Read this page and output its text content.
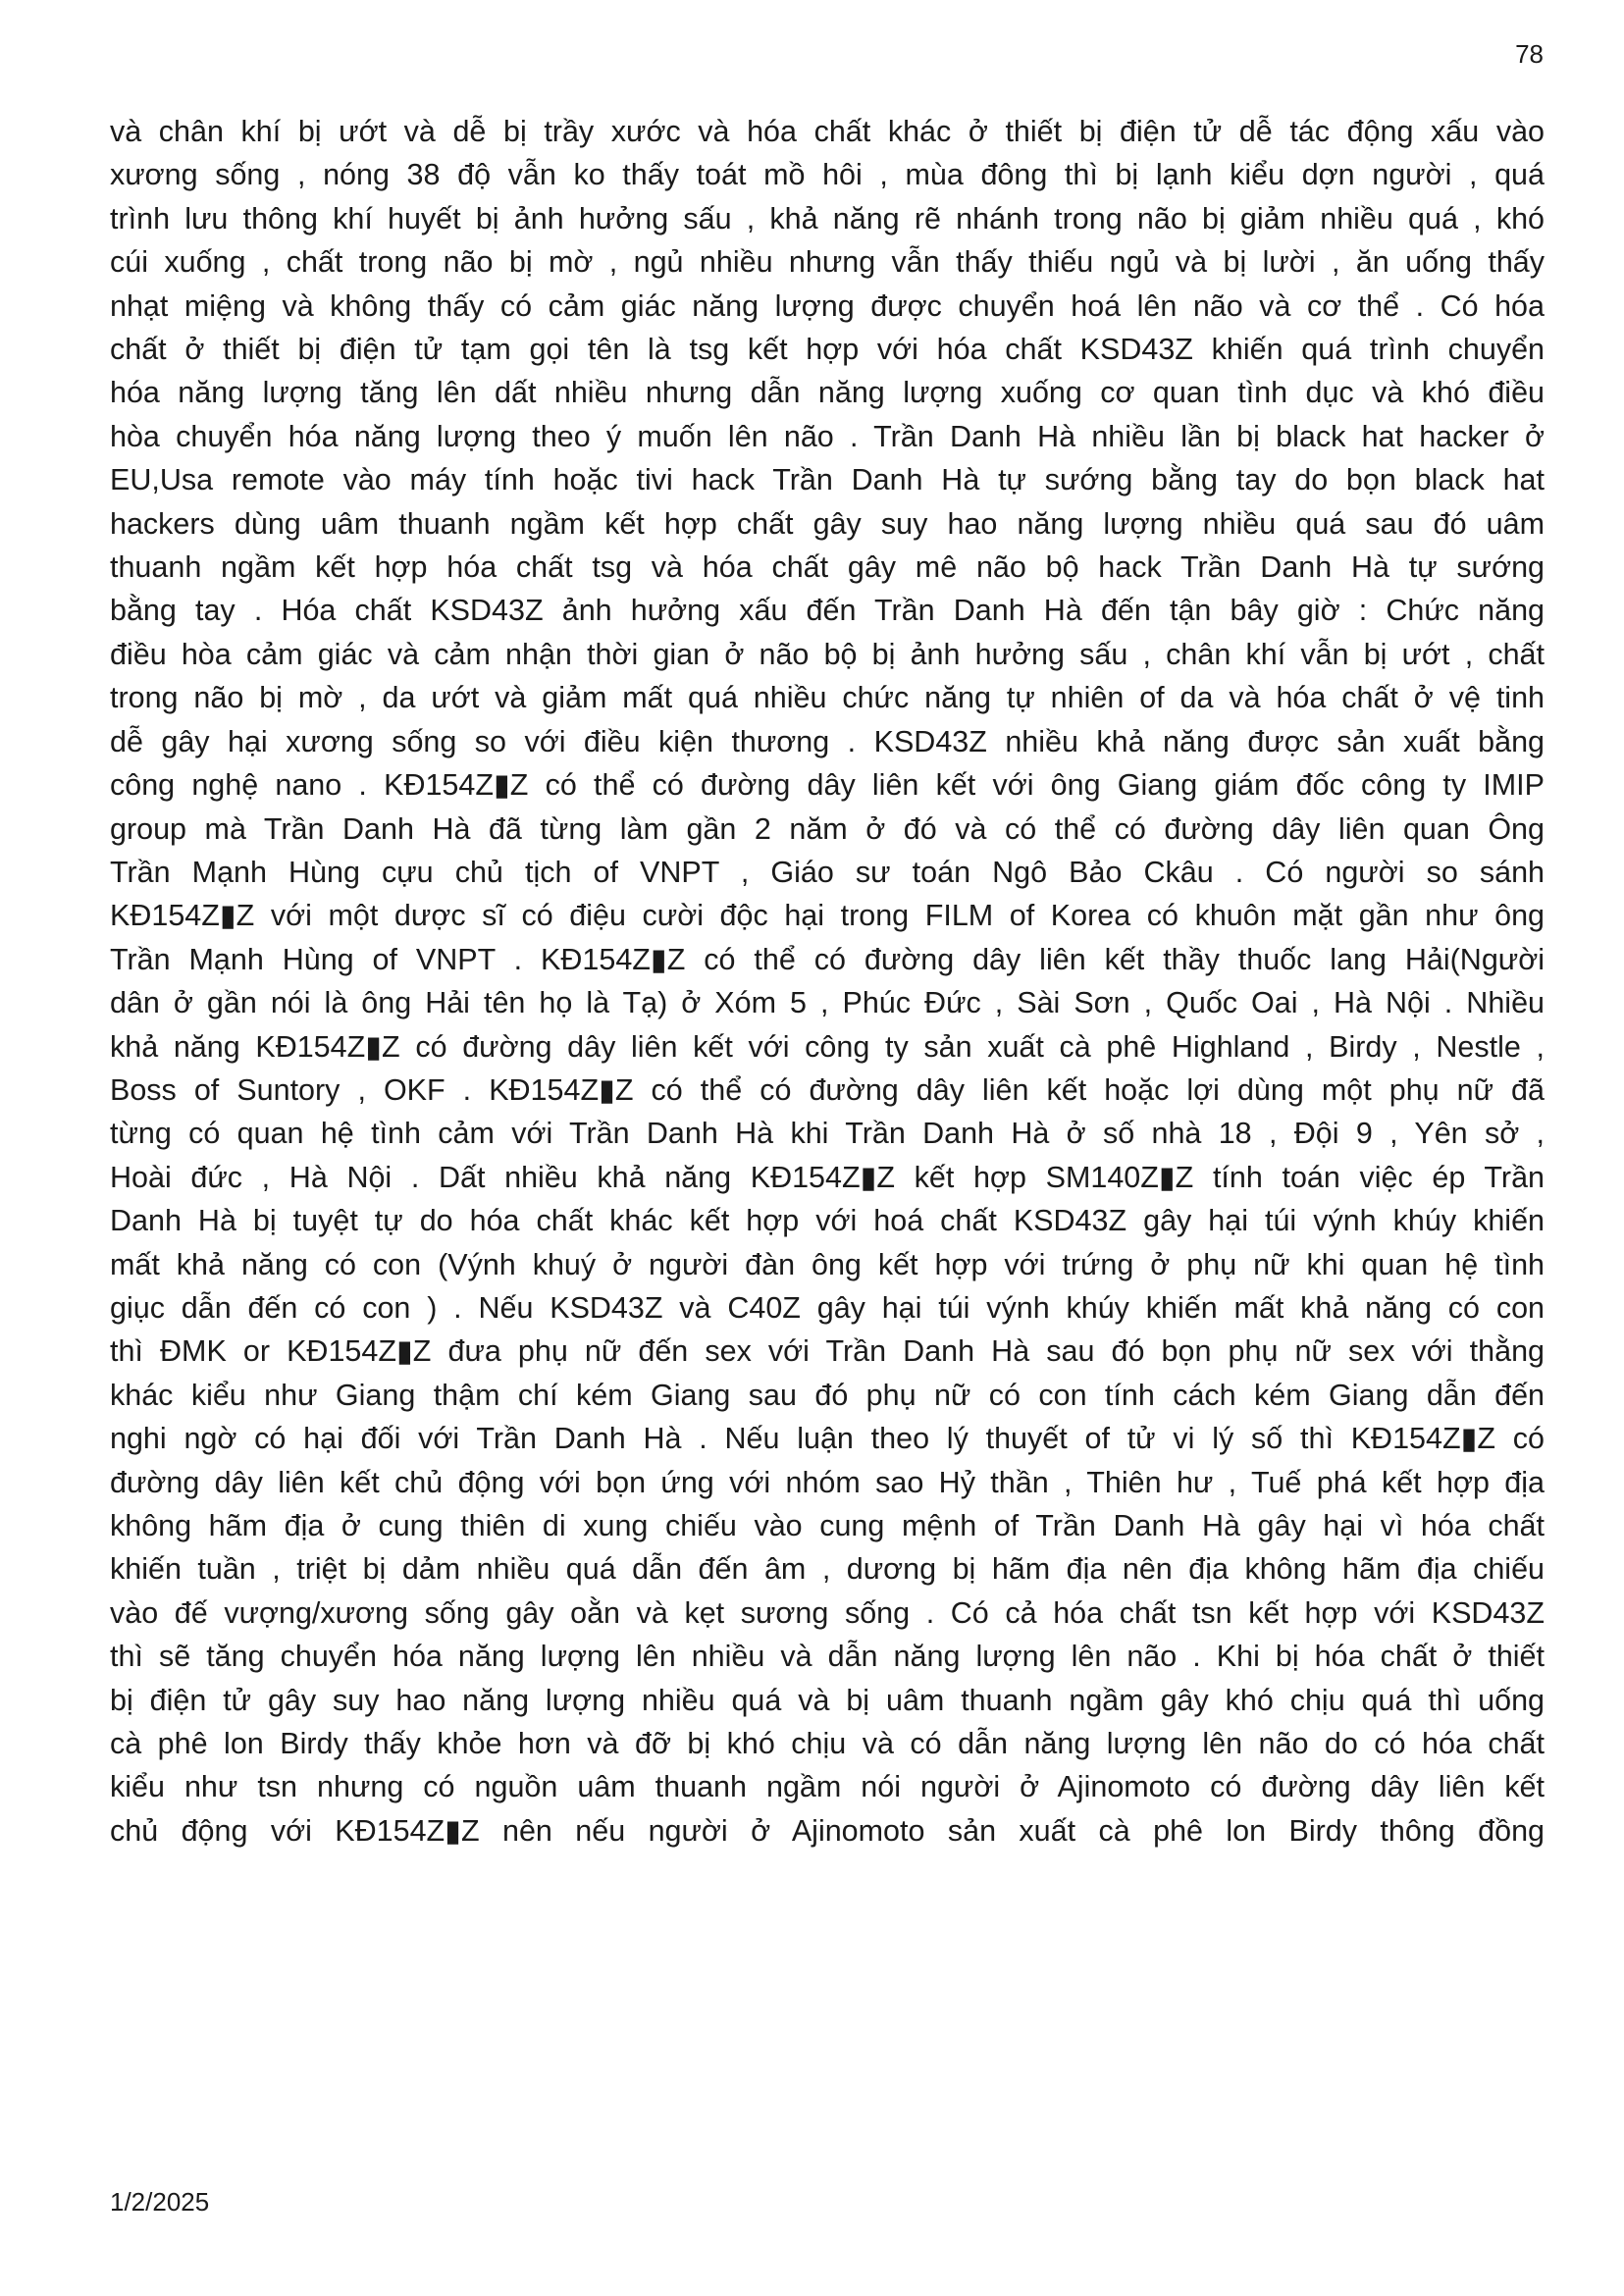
78
và chân khí bị ướt và dễ bị trầy xước và hóa chất khác ở thiết bị điện tử dễ tác động xấu vào
xương sống , nóng 38 độ vẫn ko thấy toát mồ hôi , mùa đông thì bị lạnh kiểu dợn người , quá
trình lưu thông khí huyết bị ảnh hưởng sấu , khả năng rẽ nhánh trong não bị giảm nhiều quá , khó
cúi xuống , chất trong não bị mờ , ngủ nhiều nhưng vẫn thấy thiếu ngủ và bị lười , ăn uống thấy
nhạt miệng và không thấy có cảm giác năng lượng được chuyển hoá lên não và cơ thể . Có hóa
chất ở thiết bị điện tử tạm gọi tên là tsg kết hợp với hóa chất KSD43Z khiến quá trình chuyển
hóa năng lượng tăng lên dất nhiều nhưng dẫn năng lượng xuống cơ quan tình dục và khó điều
hòa chuyển hóa năng lượng theo ý muốn lên não . Trần Danh Hà nhiều lần bị black hat hacker ở
EU,Usa remote vào máy tính hoặc tivi hack Trần Danh Hà tự sướng bằng tay do bọn black hat
hackers dùng uâm thuanh ngầm kết hợp chất gây suy hao năng lượng nhiều quá sau đó uâm
thuanh ngầm kết hợp hóa chất tsg và hóa chất gây mê não bộ hack Trần Danh Hà tự sướng
bằng tay . Hóa chất KSD43Z ảnh hưởng xấu đến Trần Danh Hà đến tận bây giờ : Chức năng
điều hòa cảm giác và cảm nhận thời gian ở não bộ bị ảnh hưởng sấu , chân khí vẫn bị ướt , chất
trong não bị mờ , da ướt và giảm mất quá nhiều chức năng tự nhiên of da và hóa chất ở vệ tinh
dễ gây hại xương sống so với điều kiện thương . KSD43Z nhiều khả năng được sản xuất bằng
công nghệ nano . KĐ154Z▮Z có thể có đường dây liên kết với ông Giang giám đốc công ty IMIP
group mà Trần Danh Hà đã từng làm gần 2 năm ở đó và có thể có đường dây liên quan Ông
Trần Mạnh Hùng cựu chủ tịch of VNPT , Giáo sư toán Ngô Bảo Ckâu . Có người so sánh
KĐ154Z▮Z với một dược sĩ có điệu cười độc hại trong FILM of Korea có khuôn mặt gần như ông
Trần Mạnh Hùng of VNPT . KĐ154Z▮Z có thể có đường dây liên kết thầy thuốc lang Hải(Người
dân ở gần nói là ông Hải tên họ là Tạ) ở Xóm 5 , Phúc Đức , Sài Sơn , Quốc Oai , Hà Nội . Nhiều
khả năng KĐ154Z▮Z có đường dây liên kết với công ty sản xuất cà phê Highland , Birdy , Nestle ,
Boss of Suntory , OKF . KĐ154Z▮Z có thể có đường dây liên kết hoặc lợi dùng một phụ nữ đã
từng có quan hệ tình cảm với Trần Danh Hà khi Trần Danh Hà ở số nhà 18 , Đội 9 , Yên sở ,
Hoài đức , Hà Nội . Dất nhiều khả năng KĐ154Z▮Z kết hợp SM140Z▮Z tính toán việc ép Trần
Danh Hà bị tuyệt tự do hóa chất khác kết hợp với hoá chất KSD43Z gây hại túi výnh khúy khiến
mất khả năng có con (Výnh khuý ở người đàn ông kết hợp với trứng ở phụ nữ khi quan hệ tình
giục dẫn đến có con ) . Nếu KSD43Z và C40Z gây hại túi výnh khúy khiến mất khả năng có con
thì ĐMK or KĐ154Z▮Z đưa phụ nữ đến sex với Trần Danh Hà sau đó bọn phụ nữ sex với thằng
khác kiểu như Giang thậm chí kém Giang sau đó phụ nữ có con tính cách kém Giang dẫn đến
nghi ngờ có hại đối với Trần Danh Hà . Nếu luận theo lý thuyết of tử vi lý số thì KĐ154Z▮Z có
đường dây liên kết chủ động với bọn ứng với nhóm sao Hỷ thần , Thiên hư , Tuế phá kết hợp địa
không hãm địa ở cung thiên di xung chiếu vào cung mệnh of Trần Danh Hà gây hại vì hóa chất
khiến tuần , triệt bị dảm nhiều quá dẫn đến âm , dương bị hãm địa nên địa không hãm địa chiếu
vào đế vượng/xương sống gây oằn và kẹt sương sống . Có cả hóa chất tsn kết hợp với KSD43Z
thì sẽ tăng chuyển hóa năng lượng lên nhiều và dẫn năng lượng lên não . Khi bị hóa chất ở thiết
bị điện tử gây suy hao năng lượng nhiều quá và bị uâm thuanh ngầm gây khó chịu quá thì uống
cà phê lon Birdy thấy khỏe hơn và đỡ bị khó chịu và có dẫn năng lượng lên não do có hóa chất
kiểu như tsn nhưng có nguồn uâm thuanh ngầm nói người ở Ajinomoto có đường dây liên kết
chủ động với KĐ154Z▮Z nên nếu người ở Ajinomoto sản xuất cà phê lon Birdy thông đồng
1/2/2025
